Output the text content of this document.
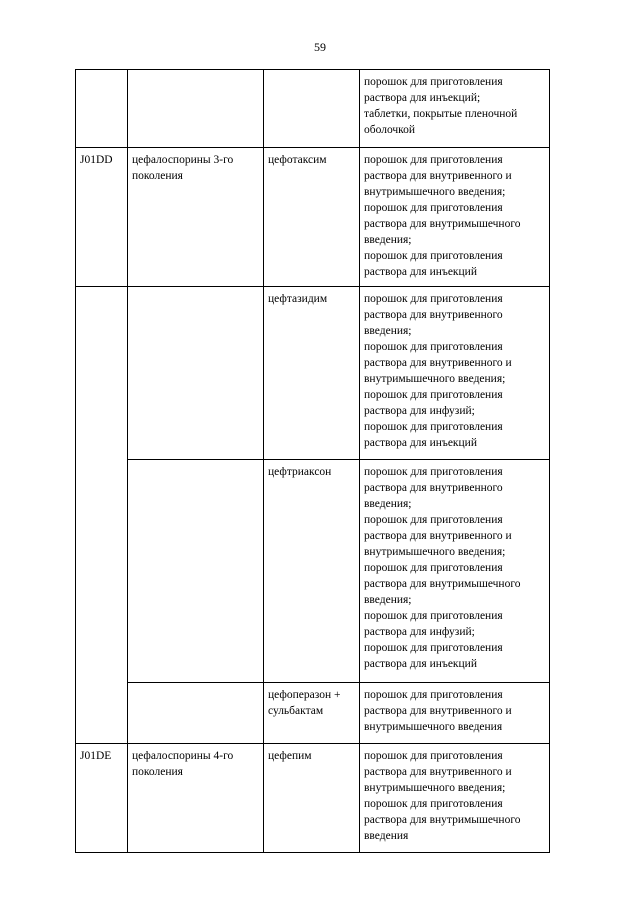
59

			порошок для приготовления раствора для инъекций;
таблетки, покрытые пленочной оболочкой

J01DD	цефалоспорины 3-го поколения	цефотаксим	порошок для приготовления раствора для внутривенного и внутримышечного введения;
порошок для приготовления раствора для внутримышечного введения;
порошок для приготовления раствора для инъекций

		цефтазидим	порошок для приготовления раствора для внутривенного введения;
порошок для приготовления раствора для внутривенного и внутримышечного введения;
порошок для приготовления раствора для инфузий;
порошок для приготовления раствора для инъекций

		цефтриаксон	порошок для приготовления раствора для внутривенного введения;
порошок для приготовления раствора для внутривенного и внутримышечного введения;
порошок для приготовления раствора для внутримышечного введения;
порошок для приготовления раствора для инфузий;
порошок для приготовления раствора для инъекций

		цефоперазон + сульбактам	порошок для приготовления раствора для внутривенного и внутримышечного введения

J01DE	цефалоспорины 4-го поколения	цефепим	порошок для приготовления раствора для внутривенного и внутримышечного введения;
порошок для приготовления раствора для внутримышечного введения
